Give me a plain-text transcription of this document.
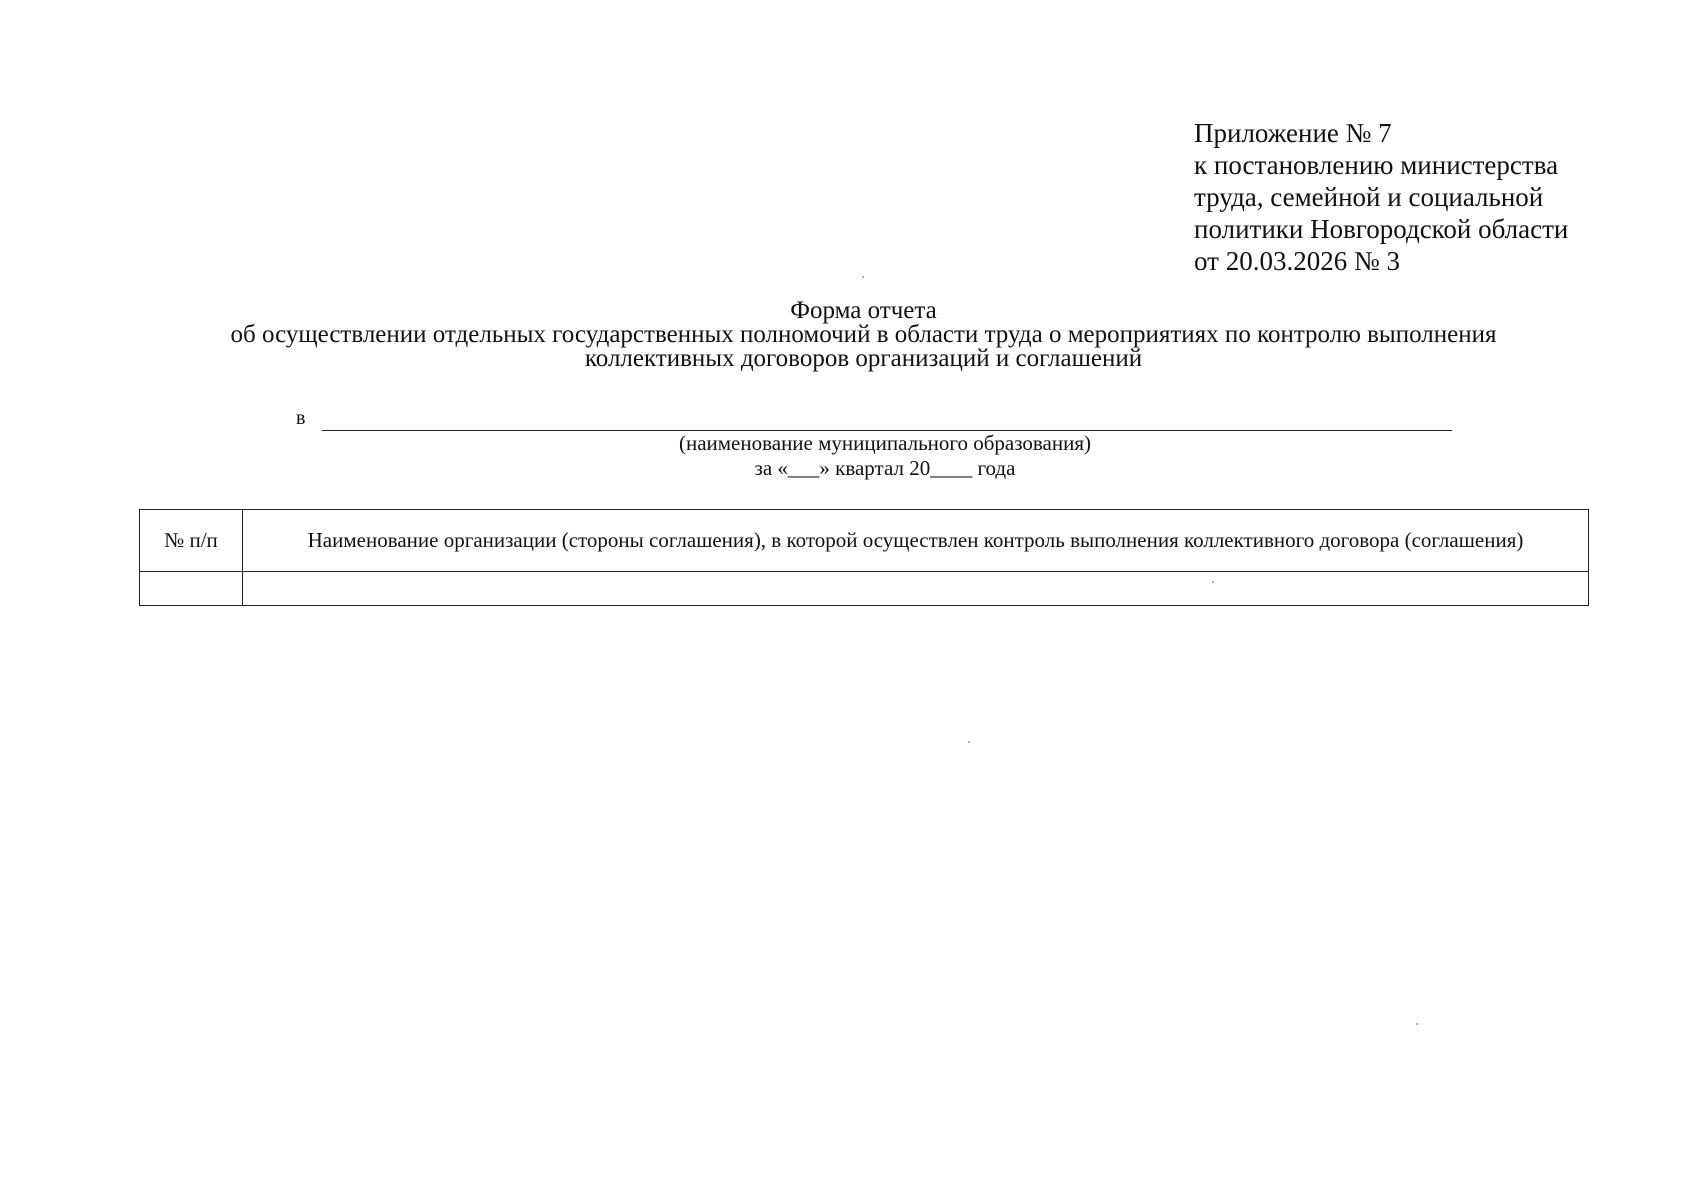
Приложение № 7
к постановлению министерства
труда, семейной и социальной
политики Новгородской области
от 20.03.2026 № 3
Форма отчета
об осуществлении отдельных государственных полномочий в области труда о мероприятиях по контролю выполнения
коллективных договоров организаций и соглашений
в
(наименование муниципального образования)
за «___» квартал 20____ года
№ п/п	Наименование организации (стороны соглашения), в которой осуществлен контроль выполнения коллективного договора (соглашения)
